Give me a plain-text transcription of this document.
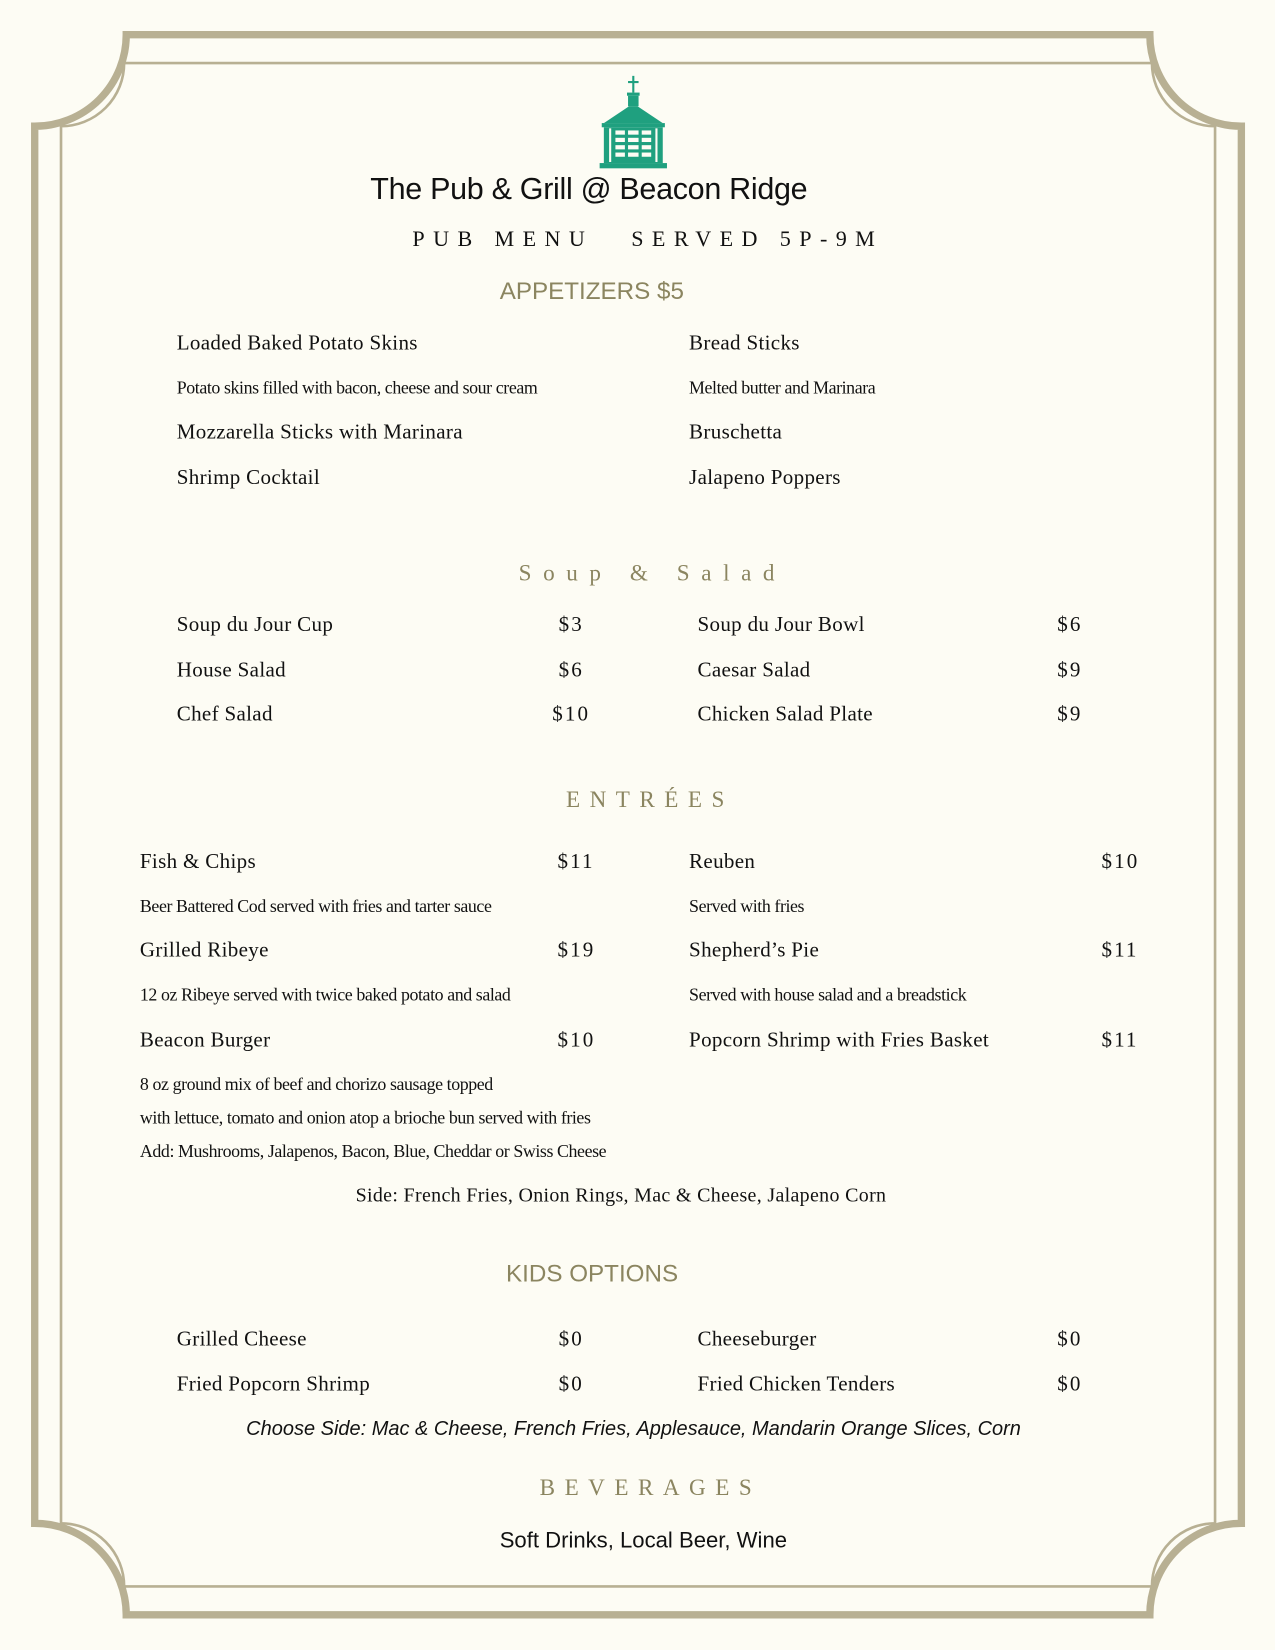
The Pub & Grill @ Beacon Ridge
PUB MENU SERVED 5P-9M
APPETIZERS $5
Loaded Baked Potato Skins
Potato skins filled with bacon, cheese and sour cream
Mozzarella Sticks with Marinara
Shrimp Cocktail
Bread Sticks
Melted butter and Marinara
Bruschetta
Jalapeno Poppers
Soup & Salad
Soup du Jour Cup	$3	Soup du Jour Bowl	$6
House Salad	$6	Caesar Salad	$9
Chef Salad	$10	Chicken Salad Plate	$9
ENTRÉES
Fish & Chips	$11
Beer Battered Cod served with fries and tarter sauce
Reuben	$10
Served with fries
Grilled Ribeye	$19
12 oz Ribeye served with twice baked potato and salad
Shepherd’s Pie	$11
Served with house salad and a breadstick
Beacon Burger	$10
8 oz ground mix of beef and chorizo sausage topped
with lettuce, tomato and onion atop a brioche bun served with fries
Add: Mushrooms, Jalapenos, Bacon, Blue, Cheddar or Swiss Cheese
Popcorn Shrimp with Fries Basket	$11
Side: French Fries, Onion Rings, Mac & Cheese, Jalapeno Corn
KIDS OPTIONS
Grilled Cheese	$0	Cheeseburger	$0
Fried Popcorn Shrimp	$0	Fried Chicken Tenders	$0
Choose Side: Mac & Cheese, French Fries, Applesauce, Mandarin Orange Slices, Corn
BEVERAGES
Soft Drinks, Local Beer, Wine
